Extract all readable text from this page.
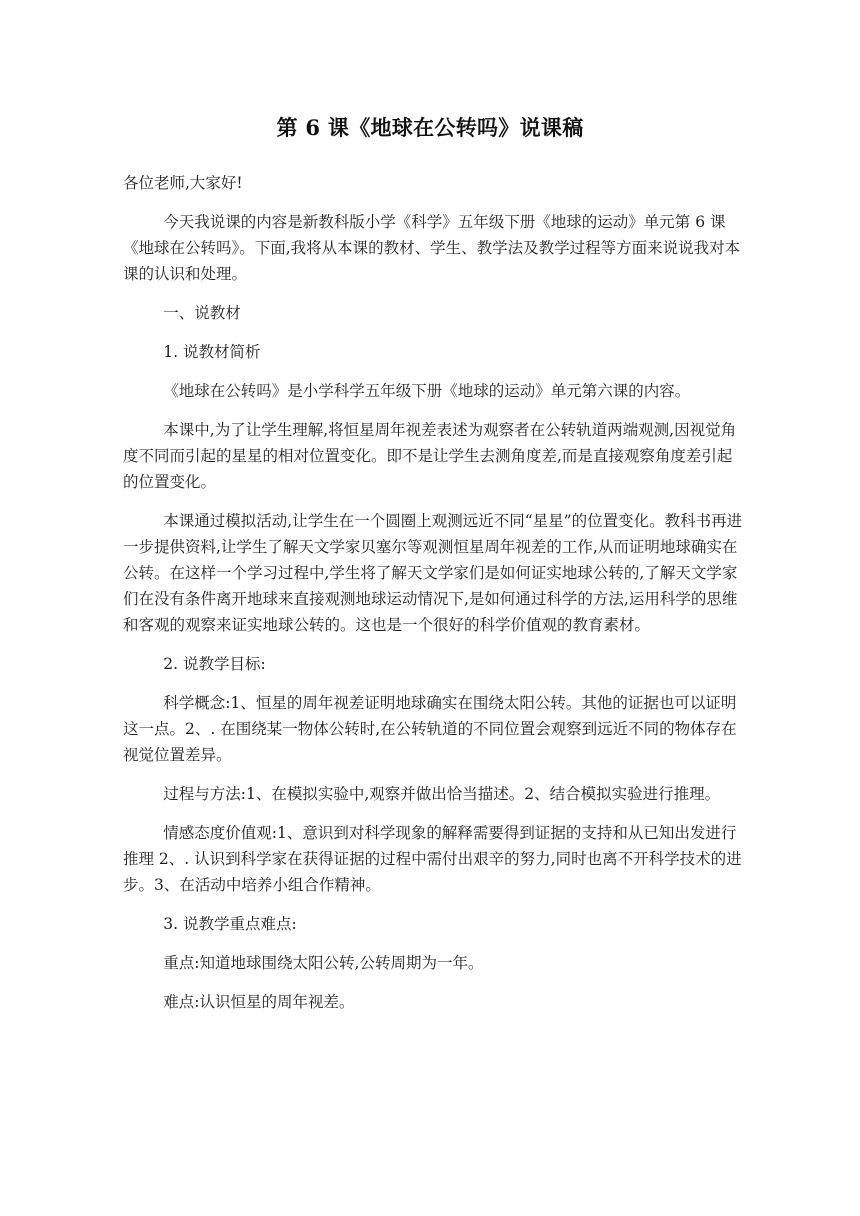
第 6 课《地球在公转吗》说课稿

各位老师,大家好!

今天我说课的内容是新教科版小学《科学》五年级下册《地球的运动》单元第 6 课《地球在公转吗》。下面,我将从本课的教材、学生、教学法及教学过程等方面来说说我对本课的认识和处理。

一、说教材

1. 说教材简析

《地球在公转吗》是小学科学五年级下册《地球的运动》单元第六课的内容。

本课中,为了让学生理解,将恒星周年视差表述为观察者在公转轨道两端观测,因视觉角度不同而引起的星星的相对位置变化。即不是让学生去测角度差,而是直接观察角度差引起的位置变化。

本课通过模拟活动,让学生在一个圆圈上观测远近不同“星星”的位置变化。教科书再进一步提供资料,让学生了解天文学家贝塞尔等观测恒星周年视差的工作,从而证明地球确实在公转。在这样一个学习过程中,学生将了解天文学家们是如何证实地球公转的,了解天文学家们在没有条件离开地球来直接观测地球运动情况下,是如何通过科学的方法,运用科学的思维和客观的观察来证实地球公转的。这也是一个很好的科学价值观的教育素材。

2. 说教学目标:

科学概念:1、恒星的周年视差证明地球确实在围绕太阳公转。其他的证据也可以证明这一点。2、. 在围绕某一物体公转时,在公转轨道的不同位置会观察到远近不同的物体存在视觉位置差异。

过程与方法:1、在模拟实验中,观察并做出恰当描述。2、结合模拟实验进行推理。

情感态度价值观:1、意识到对科学现象的解释需要得到证据的支持和从已知出发进行推理 2、. 认识到科学家在获得证据的过程中需付出艰辛的努力,同时也离不开科学技术的进步。3、在活动中培养小组合作精神。

3. 说教学重点难点:

重点:知道地球围绕太阳公转,公转周期为一年。

难点:认识恒星的周年视差。
